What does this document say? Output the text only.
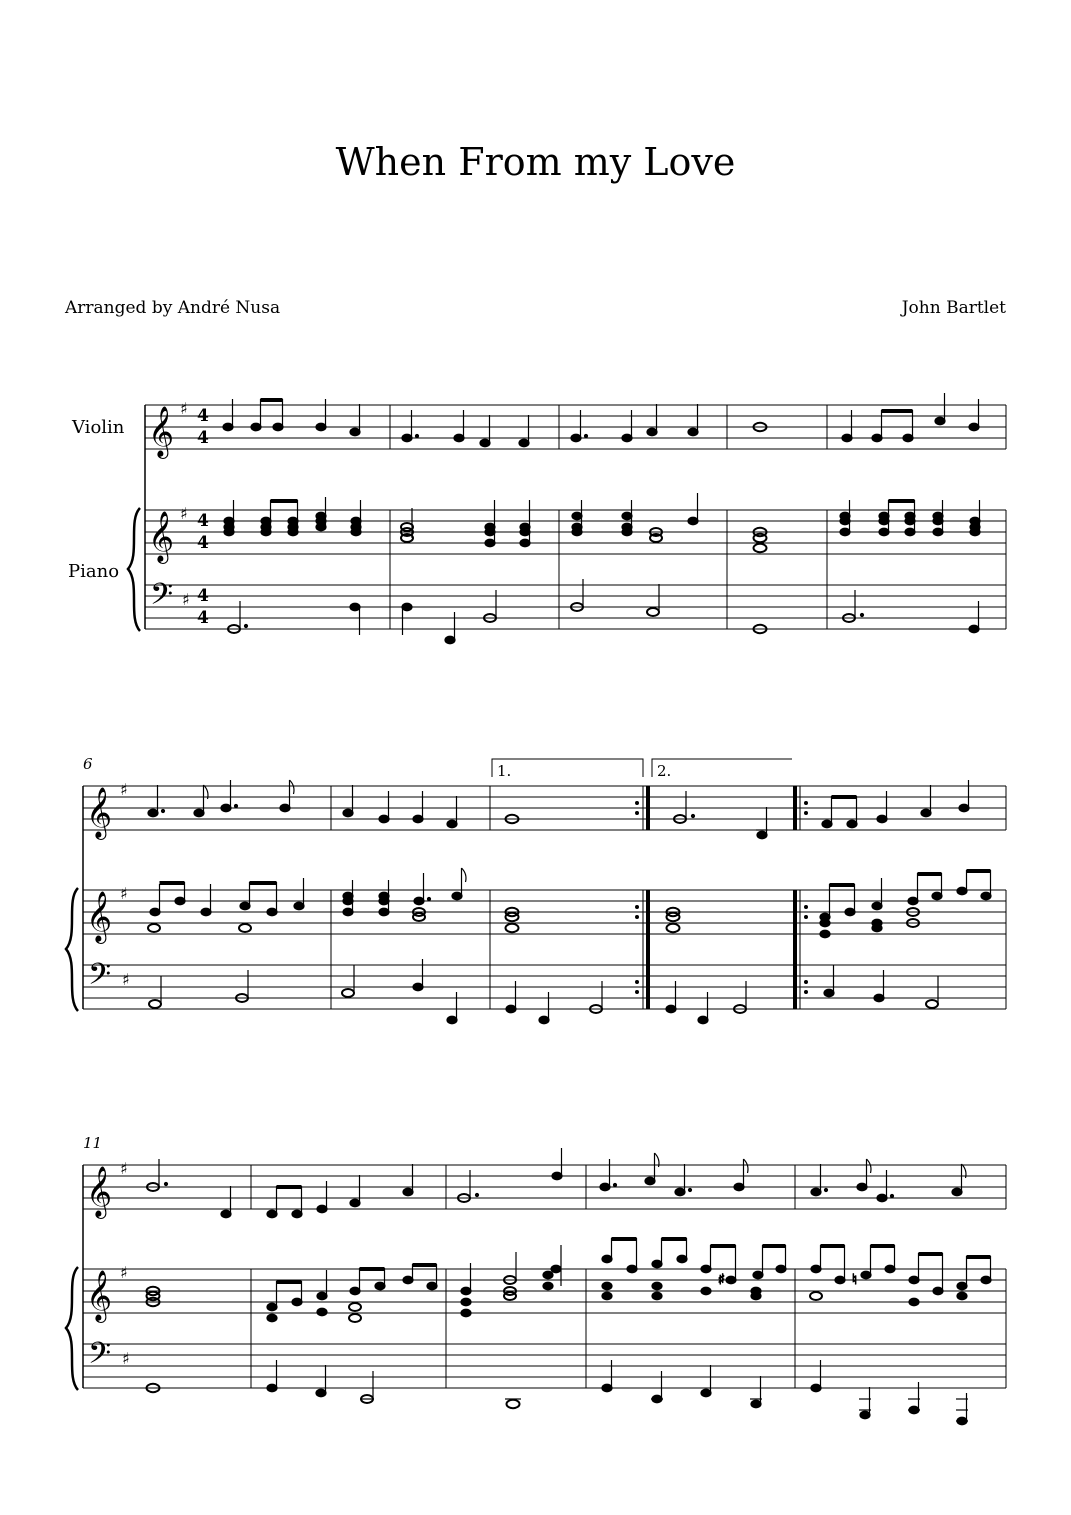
When From my Love
Arranged by André Nusa	John Bartlet
Violin
Piano
𝄞
𝄞
𝄢
♯
♯
♯
4
4
4
4
4
4
6
𝄞
𝄞
𝄢
♯
♯
♯
1.	2.
11
𝄞
𝄞
𝄢
♯
♯
♯
♯	♮
